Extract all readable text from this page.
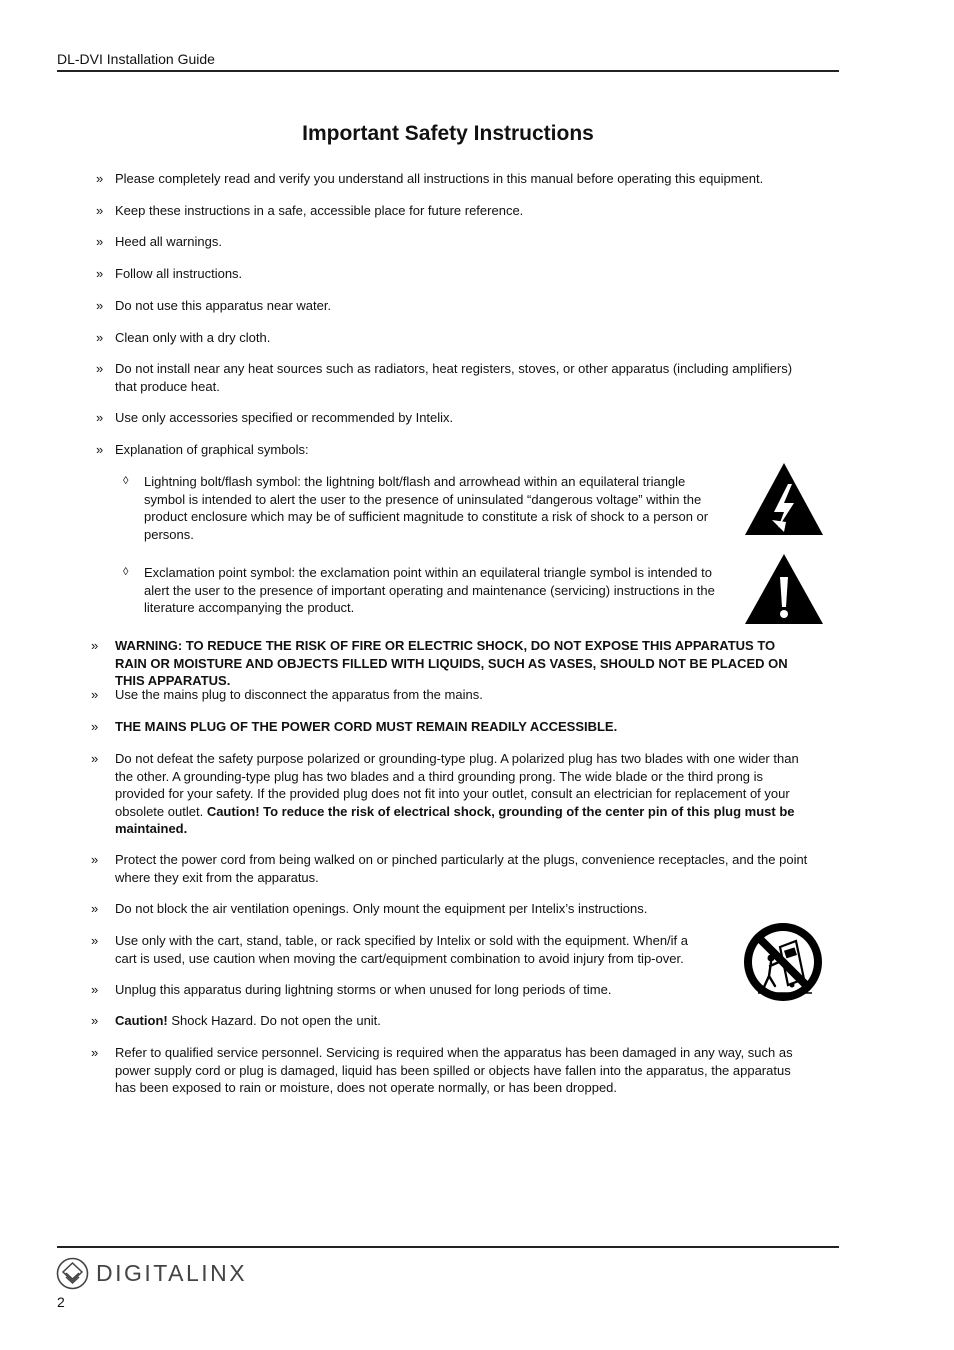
DL-DVI Installation Guide
Important Safety Instructions
» Please completely read and verify you understand all instructions in this manual before operating this equipment.
» Keep these instructions in a safe, accessible place for future reference.
» Heed all warnings.
» Follow all instructions.
» Do not use this apparatus near water.
» Clean only with a dry cloth.
» Do not install near any heat sources such as radiators, heat registers, stoves, or other apparatus (including amplifiers) that produce heat.
» Use only accessories specified or recommended by Intelix.
» Explanation of graphical symbols:
◊ Lightning bolt/flash symbol: the lightning bolt/flash and arrowhead within an equilateral triangle symbol is intended to alert the user to the presence of uninsulated “dangerous voltage” within the product enclosure which may be of sufficient magnitude to constitute a risk of shock to a person or persons.
◊ Exclamation point symbol: the exclamation point within an equilateral triangle symbol is intended to alert the user to the presence of important operating and maintenance (servicing) instructions in the literature accompanying the product.
» WARNING: TO REDUCE THE RISK OF FIRE OR ELECTRIC SHOCK, DO NOT EXPOSE THIS APPARATUS TO RAIN OR MOISTURE AND OBJECTS FILLED WITH LIQUIDS, SUCH AS VASES, SHOULD NOT BE PLACED ON THIS APPARATUS.
» Use the mains plug to disconnect the apparatus from the mains.
» THE MAINS PLUG OF THE POWER CORD MUST REMAIN READILY ACCESSIBLE.
» Do not defeat the safety purpose polarized or grounding-type plug. A polarized plug has two blades with one wider than the other. A grounding-type plug has two blades and a third grounding prong. The wide blade or the third prong is provided for your safety. If the provided plug does not fit into your outlet, consult an electrician for replacement of your obsolete outlet. Caution! To reduce the risk of electrical shock, grounding of the center pin of this plug must be maintained.
» Protect the power cord from being walked on or pinched particularly at the plugs, convenience receptacles, and the point where they exit from the apparatus.
» Do not block the air ventilation openings. Only mount the equipment per Intelix’s instructions.
» Use only with the cart, stand, table, or rack specified by Intelix or sold with the equipment. When/if a cart is used, use caution when moving the cart/equipment combination to avoid injury from tip-over.
» Unplug this apparatus during lightning storms or when unused for long periods of time.
» Caution! Shock Hazard. Do not open the unit.
» Refer to qualified service personnel. Servicing is required when the apparatus has been damaged in any way, such as power supply cord or plug is damaged, liquid has been spilled or objects have fallen into the apparatus, the apparatus has been exposed to rain or moisture, does not operate normally, or has been dropped.
DIGITALINX
2
